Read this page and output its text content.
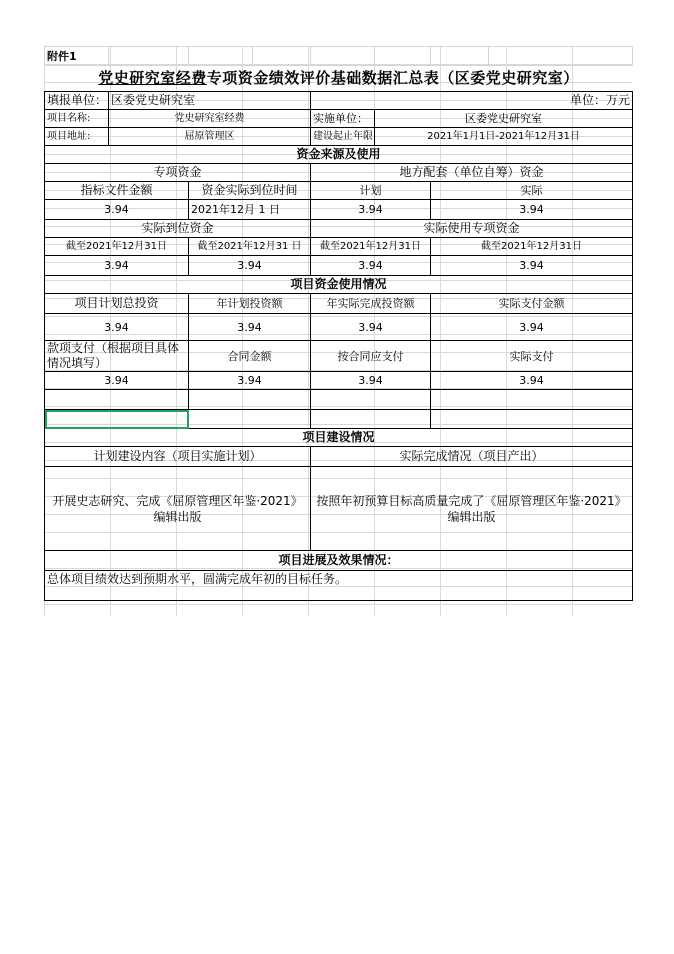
附件1							
党史研究室经费专项资金绩效评价基础数据汇总表（区委党史研究室）							
填报单位：	区委党史研究室			单位：万元			
项目名称:	党史研究室经费			实施单位：	区委党史研究室		
项目地址:	屈原管理区			建设起止年限	2021年1月1日-2021年12月31日		
资金来源及使用							
专项资金				地方配套（单位自筹）资金			
指标文件金额		资金实际到位时间		计划		实际	
3.94		2021年12月 1 日		3.94		3.94	
实际到位资金				实际使用专项资金			
截至2021年12月31日		截至2021年12月31 日		截至2021年12月31日		截至2021年12月31日	
3.94		3.94		3.94		3.94	
项目资金使用情况							
项目计划总投资		年计划投资额		年实际完成投资额		实际支付金额	
3.94		3.94		3.94		3.94	
款项支付（根据项目具体情况填写）		合同金额		按合同应支付		实际支付	
3.94		3.94		3.94		3.94	

项目建设情况							
计划建设内容（项目实施计划）				实际完成情况（项目产出）			
开展史志研究、完成《屈原管理区年鉴·2021》编辑出版				按照年初预算目标高质量完成了《屈原管理区年鉴·2021》编辑出版			
项目进展及效果情况：							
总体项目绩效达到预期水平，圆满完成年初的目标任务。							
